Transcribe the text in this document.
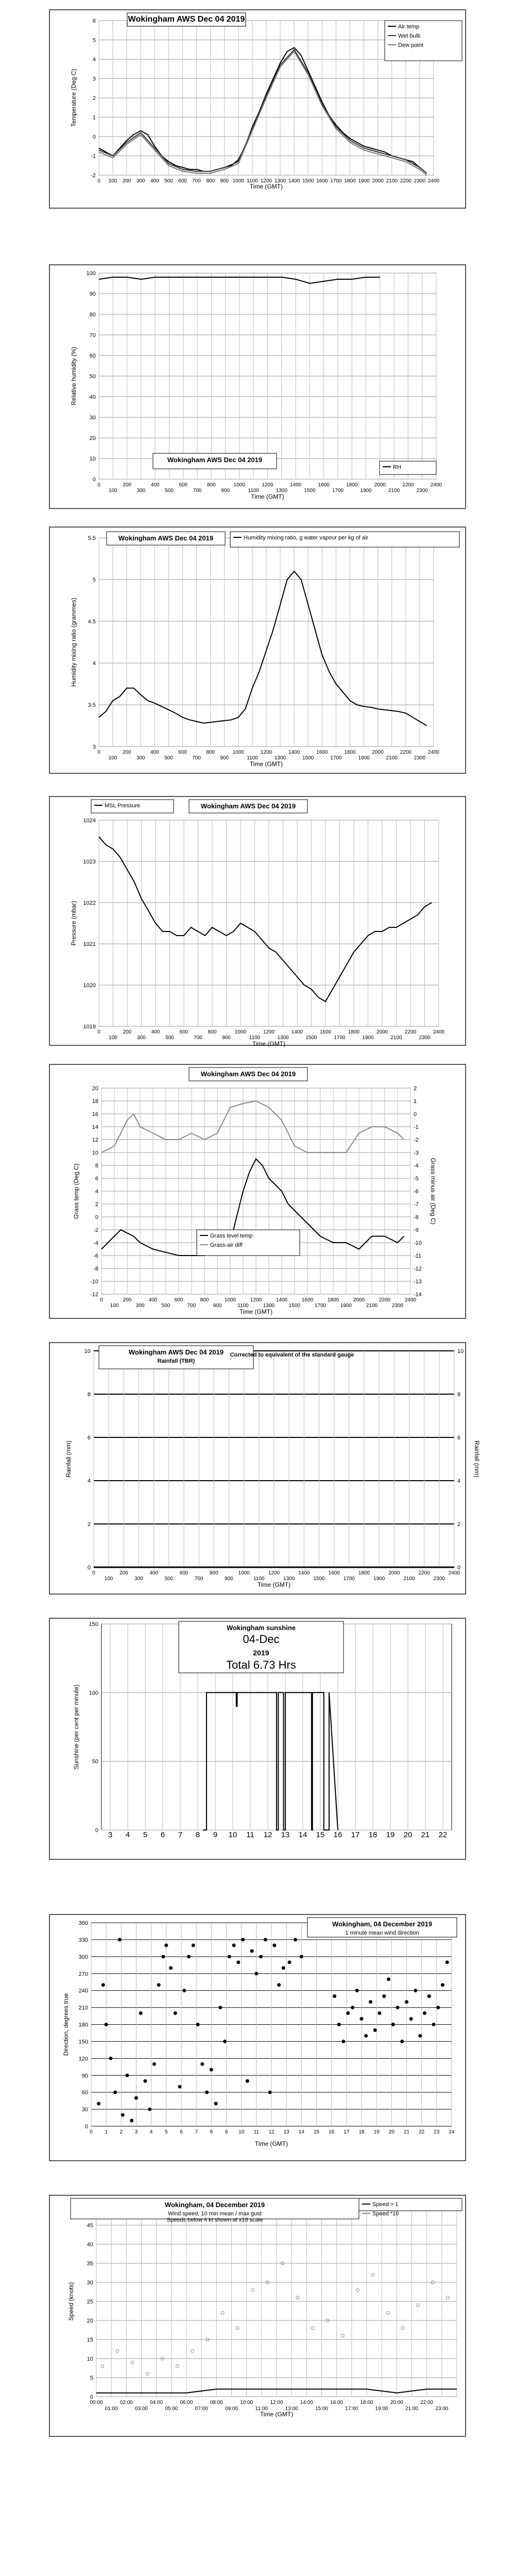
-2
-1
0
1
2
3
4
5
6
0 100 200 300 400 500 600 700 800 900 1000 1100 1200 1300 1400 1500 1600 1700 1800 1900 2000 2100 2200 2300 2400
Time (GMT)
Temperature (Deg C)
Wokingham AWS Dec 04 2019
Air temp
Wet bulb
Dew point
0
10
20
30
40
50
60
70
80
90
100
0
100
200
300
400
500
600
700
800
900
1000
1100
1200
1300
1400
1500
1600
1700
1800
1900
2000
2100
2200
2300
2400
Time (GMT)
Relative humidity (%)
Wokingham AWS Dec 04 2019
RH
3
3.5
4
4.5
5
5.5
0
100
200
300
400
500
600
700
800
900
1000
1100
1200
1300
1400
1500
1600
1700
1800
1900
2000
2100
2200
2300
2400
Time (GMT)
Humidity mixing ratio (grammes)
Wokingham AWS Dec 04 2019	Humidity mixing ratio, g water vapour per kg of air
1019
1020
1021
1022
1023
1024
0
100
200
300
400
500
600
700
800
900
1000
1100
1200
1300
1400
1500
1600
1700
1800
1900
2000
2100
2200
2300
2400
Time (GMT)
Pressure (mbar)
Wokingham AWS Dec 04 2019
MSL Pressure
-12
-10
-8
-6
-4
-2
0
2
4
6
8
10
12
14
16
18
20
0
100
200
300
400
500
600
700
800
900
1000
1100
1200
1300
1400
1500
1600
1700
1800
1900
2000
2100
2200
2300
2400
-14
-13
-12
-11
-10
-9
-8
-7
-6
-5
-4
-3
-2
-1
0
1
2
Grass minus air (Deg C)
Time (GMT)
Grass temp (Deg C)
Wokingham AWS Dec 04 2019
Grass level temp
Grass-air diff
0
2
4
6
8
10
0
100
200
300
400
500
600
700
800
900
1000
1100
1200
1300
1400
1500
1600
1700
1800
1900
2000
2100
2200
2300
2400
0
2
4
6
8
10
Rainfall (mm)
Time (GMT)
Rainfall (mm)
Wokingham AWS Dec 04 2019
Rainfall (TBR)
Corrected to equivalent of the standard gauge
0
50
100
150
3 4 5 6 7 8 9 10 11 12 13 14 15 16 17 18 19 20 21 22
Sunshine (per cent per minute)
Wokingham sunshine
04-Dec
2019
Total 6.73 Hrs
0
30
60
90
120
150
180
210
240
270
300
330
360
0 1 2 3 4 5 6 7 8 9 10 11 12 13 14 15 16 17 18 19 20 21 22 23 24
Time (GMT)
Direction, degrees true
Wokingham, 04 December 2019
1 minute mean wind direction
0
5
10
15
20
25
30
35
40
45
00:00	02:00	04:00	06:00	08:00	10:00	12:00	14:00	16:00	18:00	20:00	22:00
01:00	03:00	05:00	07:00	09:00	11:00	13:00	15:00	17:00	19:00	21:00	23:00
Time (GMT)
Speed (knots)
Wokingham, 04 December 2019
Wind speed, 10 min mean / max gust
Speeds below 4 kt shown at x10 scale
Speed > 1
Speed *10
